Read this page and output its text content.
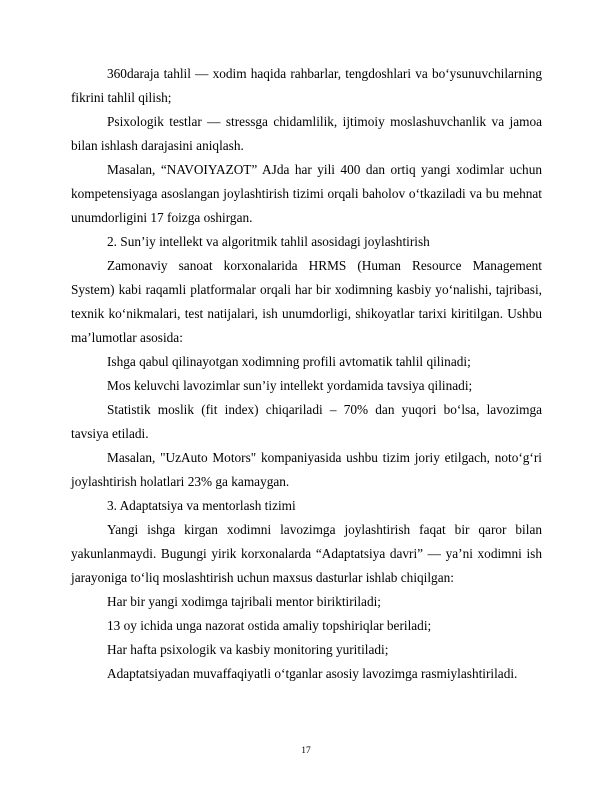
360daraja tahlil — xodim haqida rahbarlar, tengdoshlari va bo‘ysunuvchilarning fikrini tahlil qilish;

Psixologik testlar — stressga chidamlilik, ijtimoiy moslashuvchanlik va jamoa bilan ishlash darajasini aniqlash.

Masalan, “NAVOIYAZOT” AJda har yili 400 dan ortiq yangi xodimlar uchun kompetensiyaga asoslangan joylashtirish tizimi orqali baholov o‘tkaziladi va bu mehnat unumdorligini 17 foizga oshirgan.

2. Sun’iy intellekt va algoritmik tahlil asosidagi joylashtirish

Zamonaviy sanoat korxonalarida HRMS (Human Resource Management System) kabi raqamli platformalar orqali har bir xodimning kasbiy yo‘nalishi, tajribasi, texnik ko‘nikmalari, test natijalari, ish unumdorligi, shikoyatlar tarixi kiritilgan. Ushbu ma’lumotlar asosida:

Ishga qabul qilinayotgan xodimning profili avtomatik tahlil qilinadi;

Mos keluvchi lavozimlar sun’iy intellekt yordamida tavsiya qilinadi;

Statistik moslik (fit index) chiqariladi – 70% dan yuqori bo‘lsa, lavozimga tavsiya etiladi.

Masalan, "UzAuto Motors" kompaniyasida ushbu tizim joriy etilgach, noto‘g‘ri joylashtirish holatlari 23% ga kamaygan.

3. Adaptatsiya va mentorlash tizimi

Yangi ishga kirgan xodimni lavozimga joylashtirish faqat bir qaror bilan yakunlanmaydi. Bugungi yirik korxonalarda “Adaptatsiya davri” — ya’ni xodimni ish jarayoniga to‘liq moslashtirish uchun maxsus dasturlar ishlab chiqilgan:

Har bir yangi xodimga tajribali mentor biriktiriladi;

13 oy ichida unga nazorat ostida amaliy topshiriqlar beriladi;

Har hafta psixologik va kasbiy monitoring yuritiladi;

Adaptatsiyadan muvaffaqiyatli o‘tganlar asosiy lavozimga rasmiylashtiriladi.

17
